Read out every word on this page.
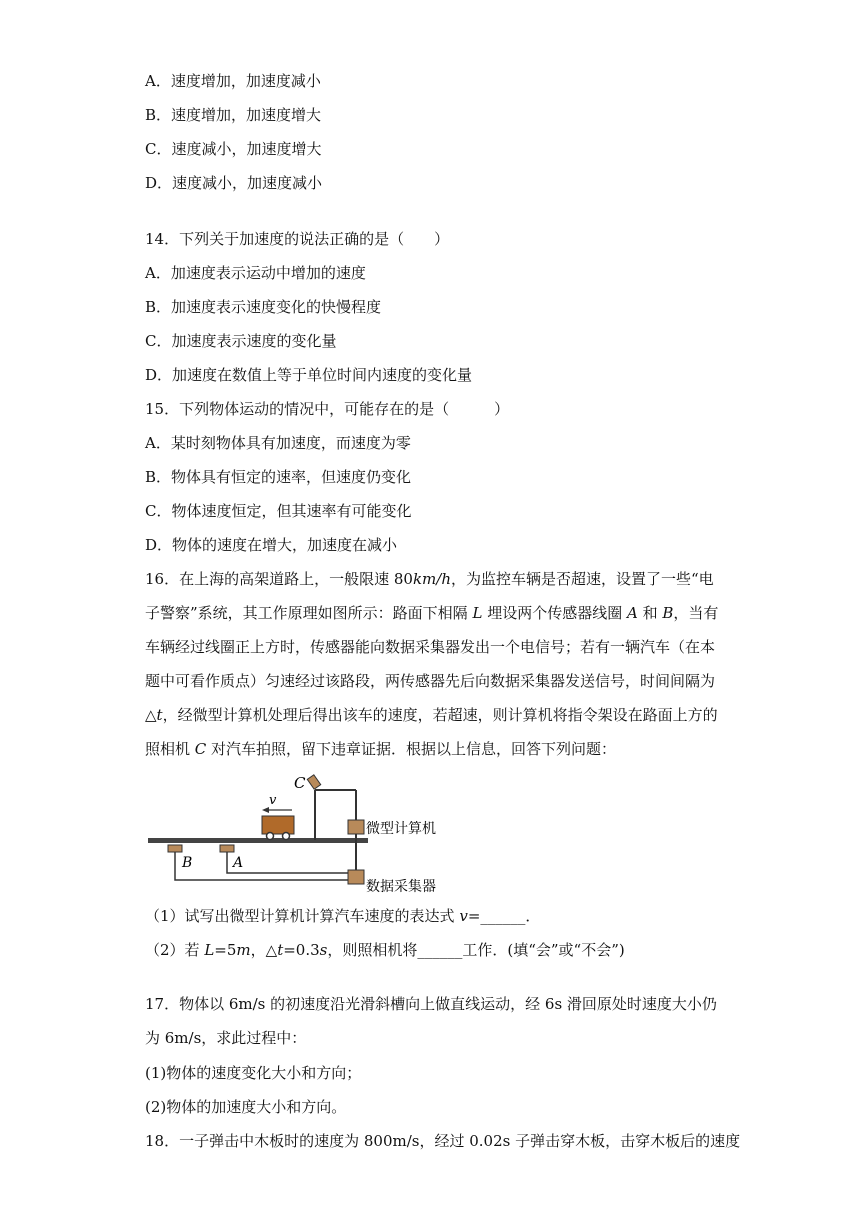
A．速度增加，加速度减小
B．速度增加，加速度增大
C．速度减小，加速度增大
D．速度减小，加速度减小
14．下列关于加速度的说法正确的是（　　）
A．加速度表示运动中增加的速度
B．加速度表示速度变化的快慢程度
C．加速度表示速度的变化量
D．加速度在数值上等于单位时间内速度的变化量
15．下列物体运动的情况中，可能存在的是（　　　）
A．某时刻物体具有加速度，而速度为零
B．物体具有恒定的速率，但速度仍变化
C．物体速度恒定，但其速率有可能变化
D．物体的速度在增大，加速度在减小
16．在上海的高架道路上，一般限速 80km/h，为监控车辆是否超速，设置了一些“电子警察”系统，其工作原理如图所示：路面下相隔 L 埋设两个传感器线圈 A 和 B，当有车辆经过线圈正上方时，传感器能向数据采集器发出一个电信号；若有一辆汽车（在本题中可看作质点）匀速经过该路段，两传感器先后向数据采集器发送信号，时间间隔为△t，经微型计算机处理后得出该车的速度，若超速，则计算机将指令架设在路面上方的照相机 C 对汽车拍照，留下违章证据．根据以上信息，回答下列问题：
C
v
微型计算机
数据采集器
B	A
（1）试写出微型计算机计算汽车速度的表达式 v=______．
（2）若 L=5m，△t=0.3s，则照相机将______工作．(填“会”或“不会”)
17．物体以 6m/s 的初速度沿光滑斜槽向上做直线运动，经 6s 滑回原处时速度大小仍为 6m/s，求此过程中：
(1)物体的速度变化大小和方向；
(2)物体的加速度大小和方向。
18．一子弹击中木板时的速度为 800m/s，经过 0.02s 子弹击穿木板，击穿木板后的速度
